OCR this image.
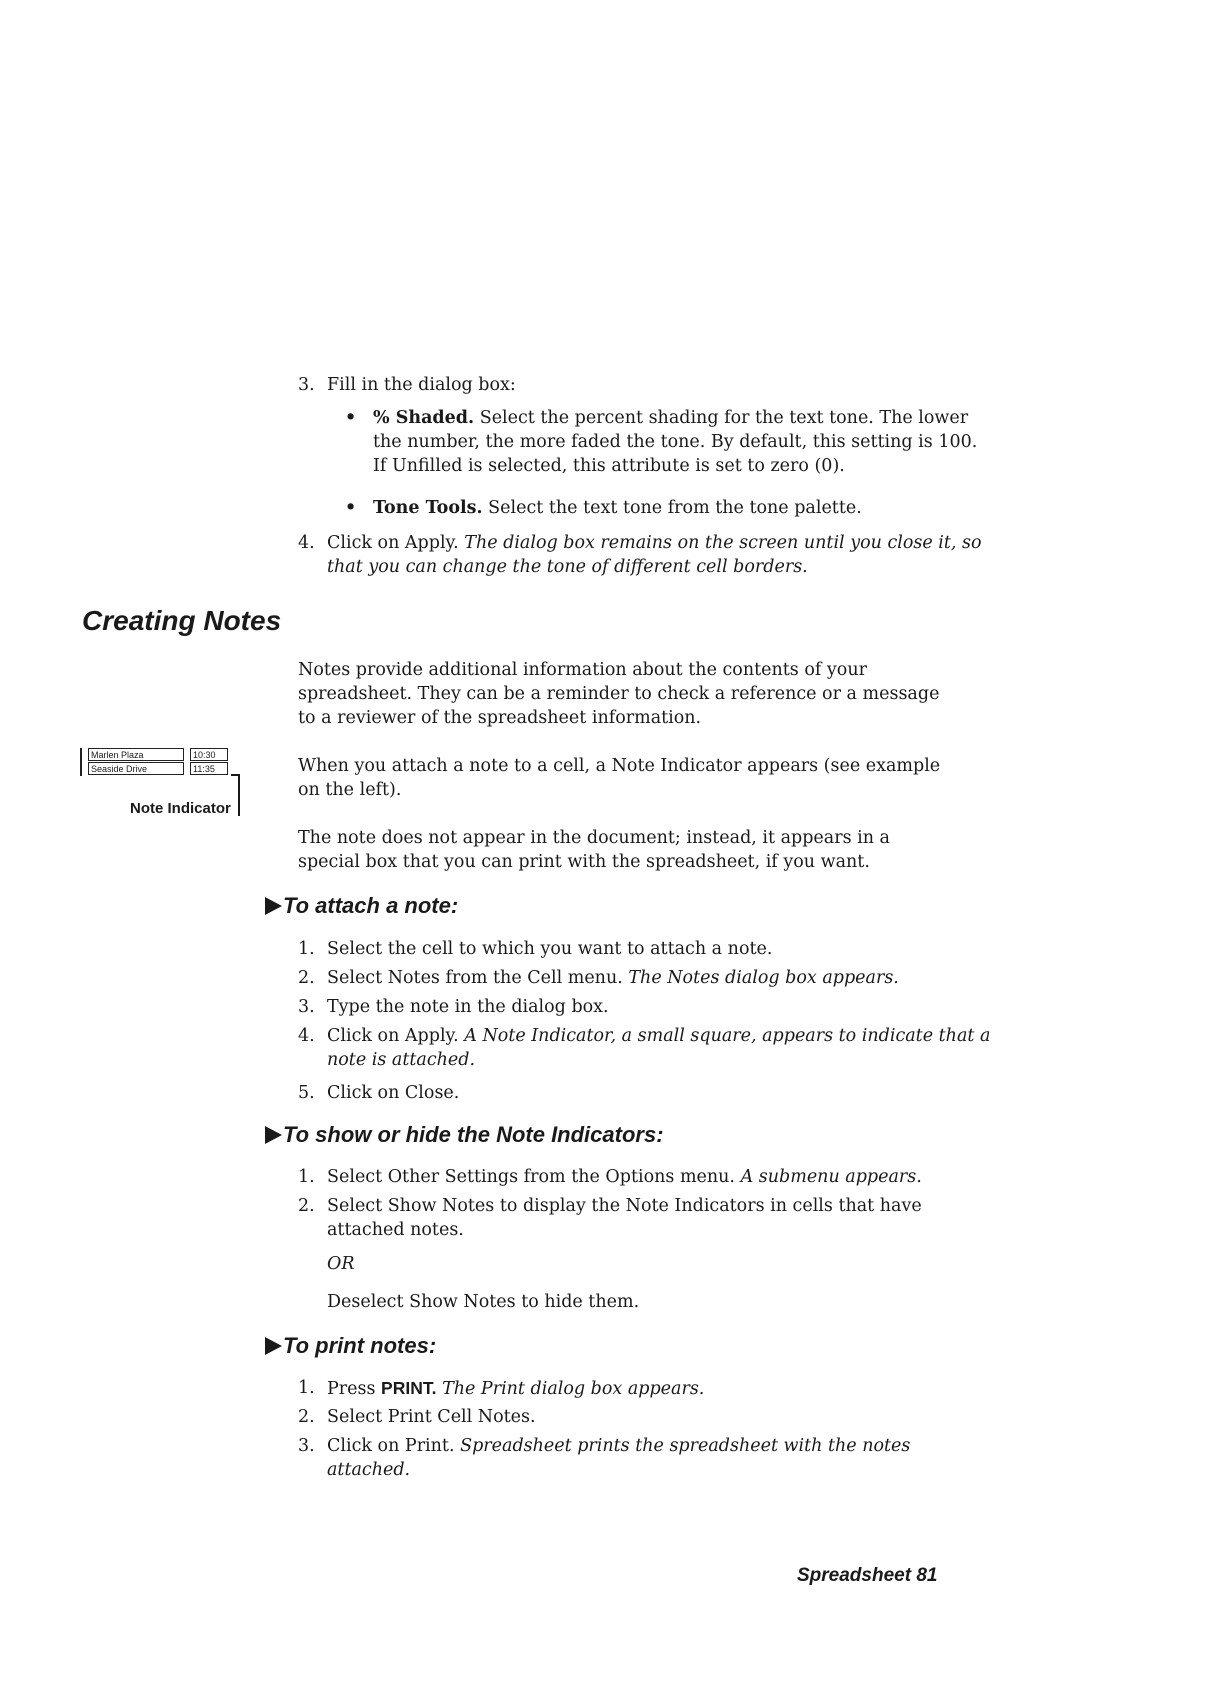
3. Fill in the dialog box:
• % Shaded. Select the percent shading for the text tone. The lower the number, the more faded the tone. By default, this setting is 100. If Unfilled is selected, this attribute is set to zero (0).
• Tone Tools. Select the text tone from the tone palette.
4. Click on Apply. The dialog box remains on the screen until you close it, so that you can change the tone of different cell borders.
Creating Notes
Notes provide additional information about the contents of your spreadsheet. They can be a reminder to check a reference or a message to a reviewer of the spreadsheet information.
When you attach a note to a cell, a Note Indicator appears (see example on the left).
The note does not appear in the document; instead, it appears in a special box that you can print with the spreadsheet, if you want.
Marlen Plaza	10:30
Seaside Drive	11:35
Note Indicator
To attach a note:
1. Select the cell to which you want to attach a note.
2. Select Notes from the Cell menu. The Notes dialog box appears.
3. Type the note in the dialog box.
4. Click on Apply. A Note Indicator, a small square, appears to indicate that a note is attached.
5. Click on Close.
To show or hide the Note Indicators:
1. Select Other Settings from the Options menu. A submenu appears.
2. Select Show Notes to display the Note Indicators in cells that have attached notes.
OR
Deselect Show Notes to hide them.
To print notes:
1. Press PRINT. The Print dialog box appears.
2. Select Print Cell Notes.
3. Click on Print. Spreadsheet prints the spreadsheet with the notes attached.
Spreadsheet 81
